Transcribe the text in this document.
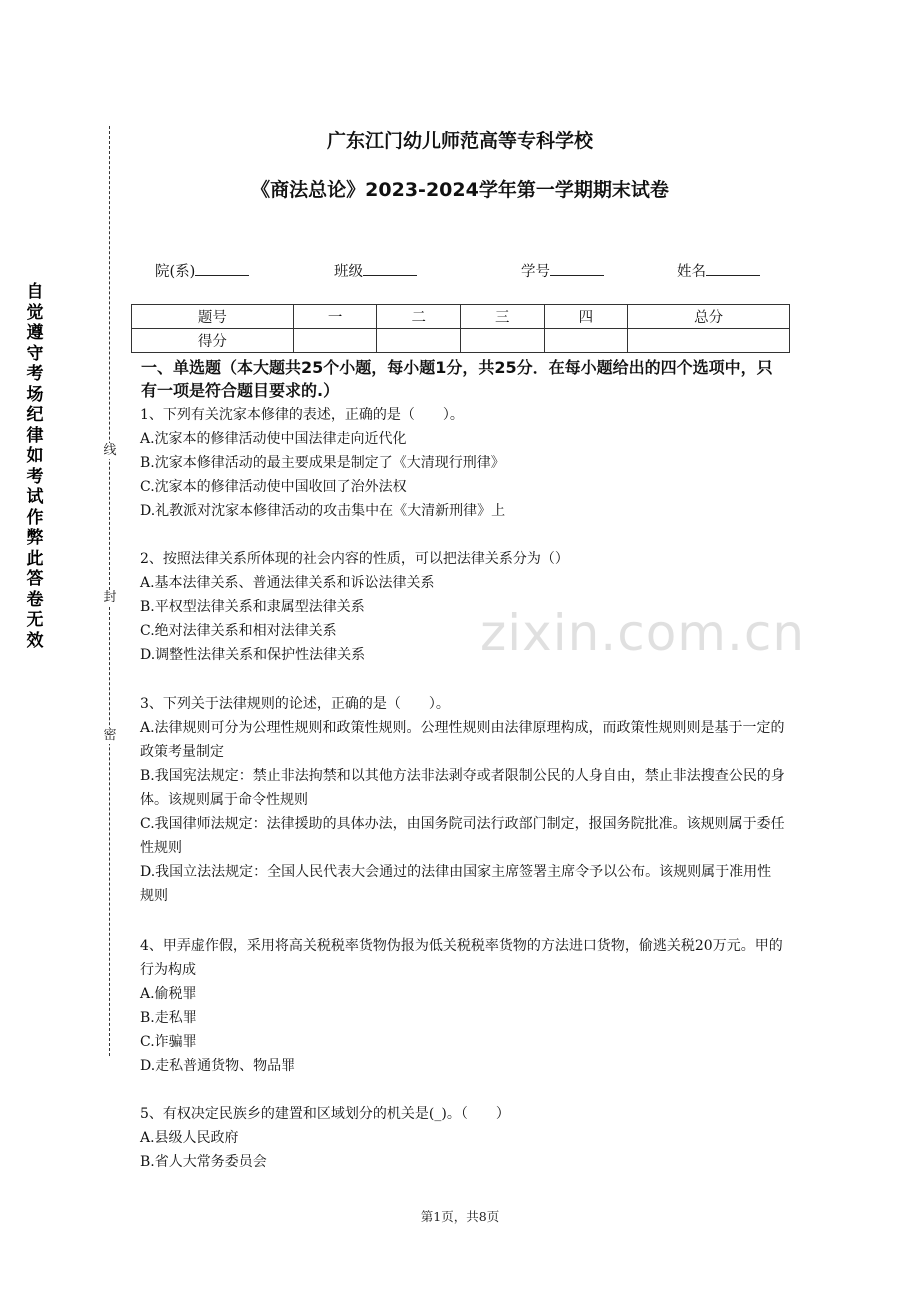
自
觉
遵
守
考
场
纪
律
如
考
试
作
弊
此
答
卷
无
效
线
封
密
广东江门幼儿师范高等专科学校
《商法总论》2023-2024学年第一学期期末试卷
院(系)	班级	学号	姓名
题号	一	二	三	四	总分
得分					
一、单选题（本大题共25个小题，每小题1分，共25分．在每小题给出的四个选项中，只有一项是符合题目要求的.）
1、下列有关沈家本修律的表述，正确的是（　　）。
A.沈家本的修律活动使中国法律走向近代化
B.沈家本修律活动的最主要成果是制定了《大清现行刑律》
C.沈家本的修律活动使中国收回了治外法权
D.礼教派对沈家本修律活动的攻击集中在《大清新刑律》上
2、按照法律关系所体现的社会内容的性质，可以把法律关系分为（）
A.基本法律关系、普通法律关系和诉讼法律关系
B.平权型法律关系和隶属型法律关系
C.绝对法律关系和相对法律关系
D.调整性法律关系和保护性法律关系
3、下列关于法律规则的论述，正确的是（　　）。
A.法律规则可分为公理性规则和政策性规则。公理性规则由法律原理构成，而政策性规则则是基于一定的政策考量制定
B.我国宪法规定：禁止非法拘禁和以其他方法非法剥夺或者限制公民的人身自由，禁止非法搜查公民的身体。该规则属于命令性规则
C.我国律师法规定：法律援助的具体办法，由国务院司法行政部门制定，报国务院批准。该规则属于委任性规则
D.我国立法法规定：全国人民代表大会通过的法律由国家主席签署主席令予以公布。该规则属于准用性规则
4、甲弄虚作假，采用将高关税税率货物伪报为低关税税率货物的方法进口货物，偷逃关税20万元。甲的行为构成
A.偷税罪
B.走私罪
C.诈骗罪
D.走私普通货物、物品罪
5、有权决定民族乡的建置和区域划分的机关是(_)。（　　）
A.县级人民政府
B.省人大常务委员会
zixin.com.cn
第1页，共8页
